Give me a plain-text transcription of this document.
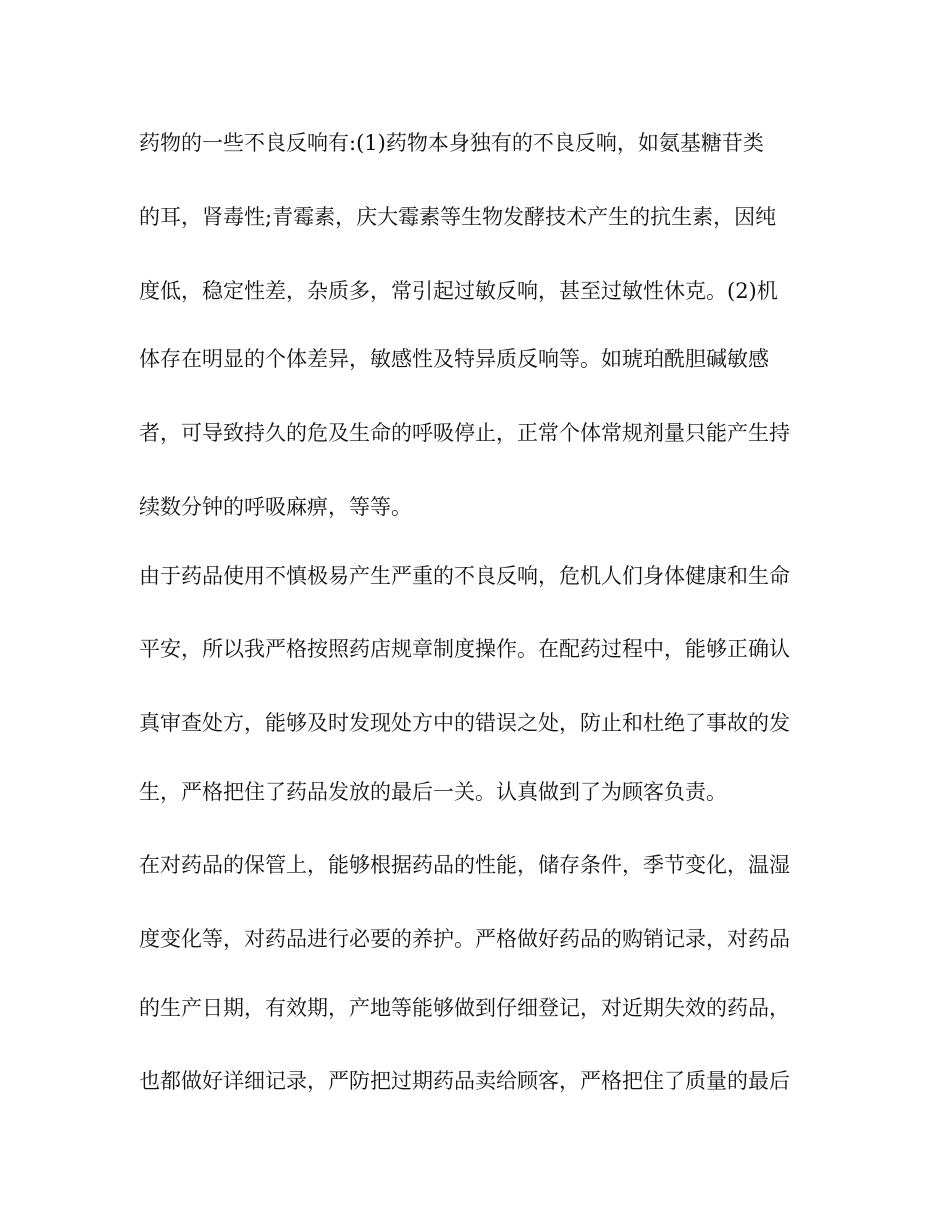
药物的一些不良反响有:(1)药物本身独有的不良反响，如氨基糖苷类
的耳，肾毒性;青霉素，庆大霉素等生物发酵技术产生的抗生素，因纯
度低，稳定性差，杂质多，常引起过敏反响，甚至过敏性休克。(2)机
体存在明显的个体差异，敏感性及特异质反响等。如琥珀酰胆碱敏感
者，可导致持久的危及生命的呼吸停止，正常个体常规剂量只能产生持
续数分钟的呼吸麻痹，等等。
由于药品使用不慎极易产生严重的不良反响，危机人们身体健康和生命
平安，所以我严格按照药店规章制度操作。在配药过程中，能够正确认
真审查处方，能够及时发现处方中的错误之处，防止和杜绝了事故的发
生，严格把住了药品发放的最后一关。认真做到了为顾客负责。
在对药品的保管上，能够根据药品的性能，储存条件，季节变化，温湿
度变化等，对药品进行必要的养护。严格做好药品的购销记录，对药品
的生产日期，有效期，产地等能够做到仔细登记，对近期失效的药品，
也都做好详细记录，严防把过期药品卖给顾客，严格把住了质量的最后
